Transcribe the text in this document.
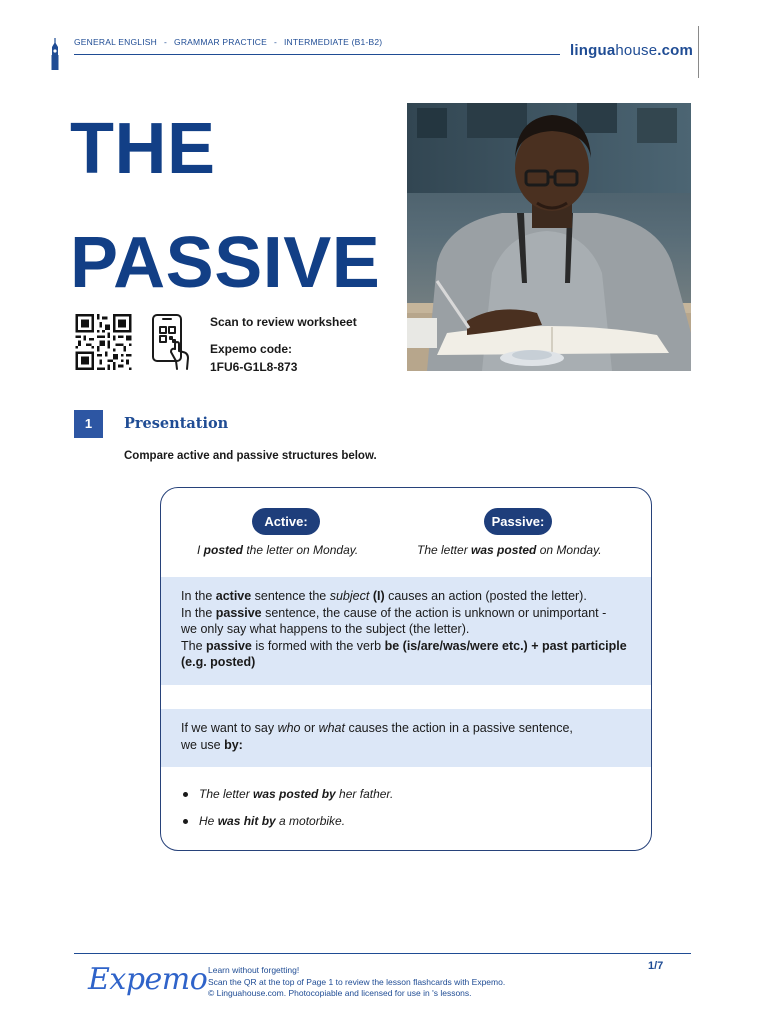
GENERAL ENGLISH - GRAMMAR PRACTICE - INTERMEDIATE (B1-B2)	linguahouse.com
THE
PASSIVE
Scan to review worksheet
Expemo code:
1FU6-G1L8-873
1	Presentation
Compare active and passive structures below.
Active:	Passive:
I posted the letter on Monday.	The letter was posted on Monday.

In the active sentence the subject (I) causes an action (posted the letter).

In the passive sentence, the cause of the action is unknown or unimportant -

we only say what happens to the subject (the letter).

The passive is formed with the verb be (is/are/was/were etc.) + past participle

(e.g. posted)

If we want to say who or what causes the action in a passive sentence,

we use by:

The letter was posted by her father.
He was hit by a motorbike.
Expemo Learn without forgetting!
Scan the QR at the top of Page 1 to review the lesson flashcards with Expemo.
© Linguahouse.com. Photocopiable and licensed for use in 's lessons.
1/7
